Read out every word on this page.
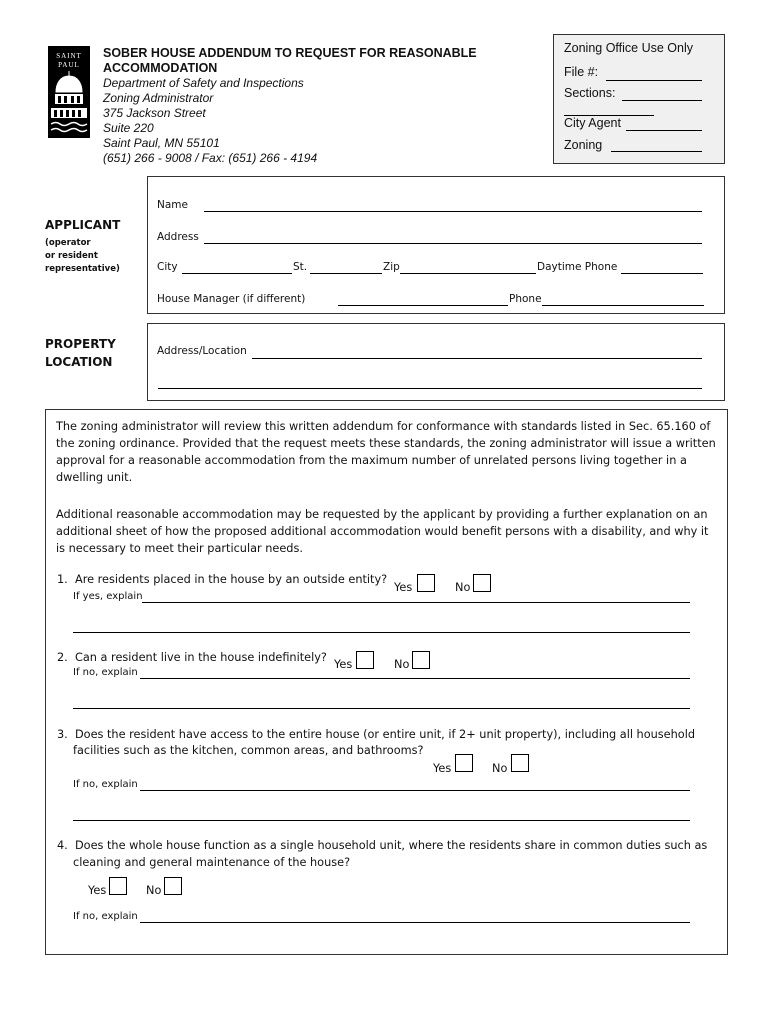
SAINT
PAUL
SOBER HOUSE ADDENDUM TO REQUEST FOR REASONABLE ACCOMMODATION
Department of Safety and Inspections
Zoning Administrator
375 Jackson Street
Suite 220
Saint Paul, MN 55101
(651) 266 - 9008 / Fax: (651) 266 - 4194
Zoning Office Use Only
File #:
Sections:
City Agent
Zoning
APPLICANT
(operator
or resident
representative)
Name
Address
City	St.	Zip	Daytime Phone
House Manager (if different)	Phone
PROPERTY
LOCATION
Address/Location
The zoning administrator will review this written addendum for conformance with standards listed in Sec. 65.160 of the zoning ordinance. Provided that the request meets these standards, the zoning administrator will issue a written approval for a reasonable accommodation from the maximum number of unrelated persons living together in a dwelling unit.
Additional reasonable accommodation may be requested by the applicant by providing a further explanation on an additional sheet of how the proposed additional accommodation would benefit persons with a disability, and why it is necessary to meet their particular needs.
1. Are residents placed in the house by an outside entity?
Yes	No
If yes, explain
2. Can a resident live in the house indefinitely?
Yes	No
If no, explain
3. Does the resident have access to the entire house (or entire unit, if 2+ unit property), including all household
facilities such as the kitchen, common areas, and bathrooms?
Yes	No
If no, explain
4. Does the whole house function as a single household unit, where the residents share in common duties such as
cleaning and general maintenance of the house?
Yes	No
If no, explain
